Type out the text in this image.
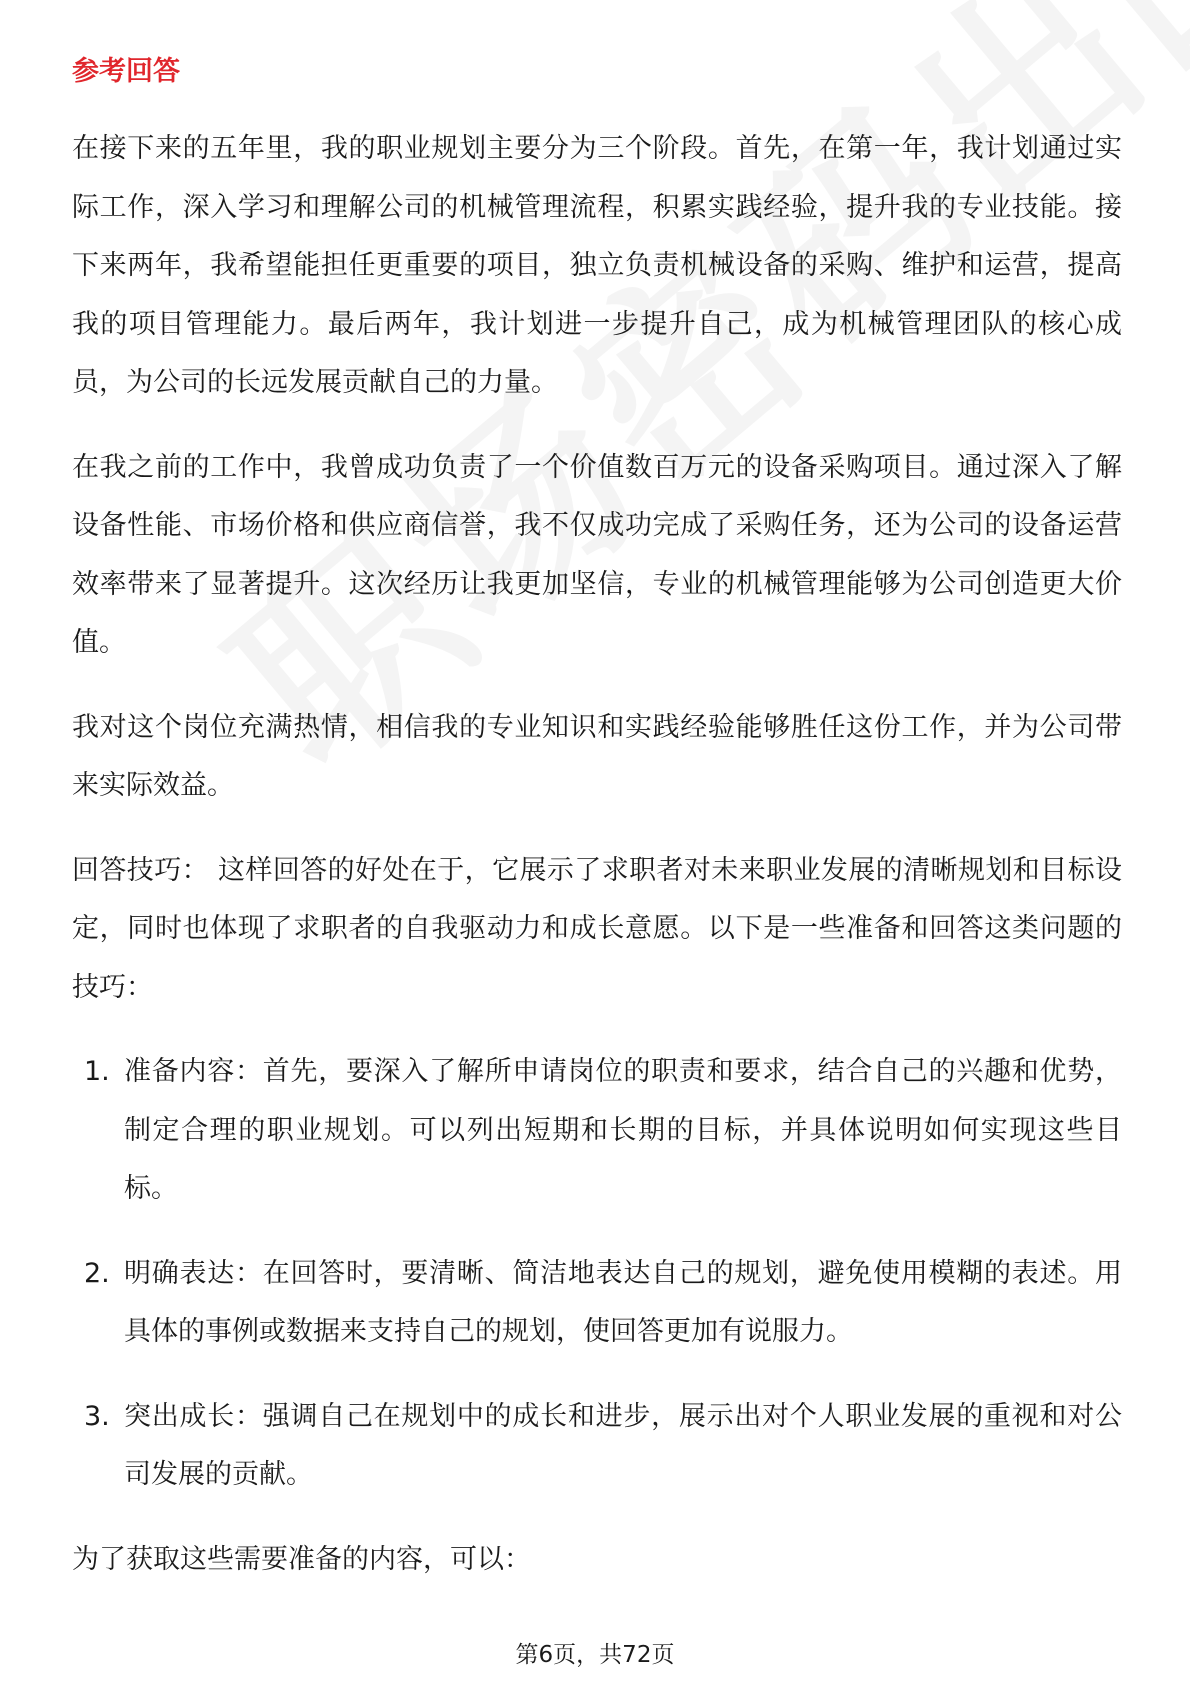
参考回答

在接下来的五年里，我的职业规划主要分为三个阶段。首先，在第一年，我计划通过实际工作，深入学习和理解公司的机械管理流程，积累实践经验，提升我的专业技能。接下来两年，我希望能担任更重要的项目，独立负责机械设备的采购、维护和运营，提高我的项目管理能力。最后两年，我计划进一步提升自己，成为机械管理团队的核心成员，为公司的长远发展贡献自己的力量。

在我之前的工作中，我曾成功负责了一个价值数百万元的设备采购项目。通过深入了解设备性能、市场价格和供应商信誉，我不仅成功完成了采购任务，还为公司的设备运营效率带来了显著提升。这次经历让我更加坚信，专业的机械管理能够为公司创造更大价值。

我对这个岗位充满热情，相信我的专业知识和实践经验能够胜任这份工作，并为公司带来实际效益。

回答技巧： 这样回答的好处在于，它展示了求职者对未来职业发展的清晰规划和目标设定，同时也体现了求职者的自我驱动力和成长意愿。以下是一些准备和回答这类问题的技巧：

1. 准备内容：首先，要深入了解所申请岗位的职责和要求，结合自己的兴趣和优势，制定合理的职业规划。可以列出短期和长期的目标，并具体说明如何实现这些目标。
2. 明确表达：在回答时，要清晰、简洁地表达自己的规划，避免使用模糊的表述。用具体的事例或数据来支持自己的规划，使回答更加有说服力。
3. 突出成长：强调自己在规划中的成长和进步，展示出对个人职业发展的重视和对公司发展的贡献。

为了获取这些需要准备的内容，可以：

第6页，共72页
